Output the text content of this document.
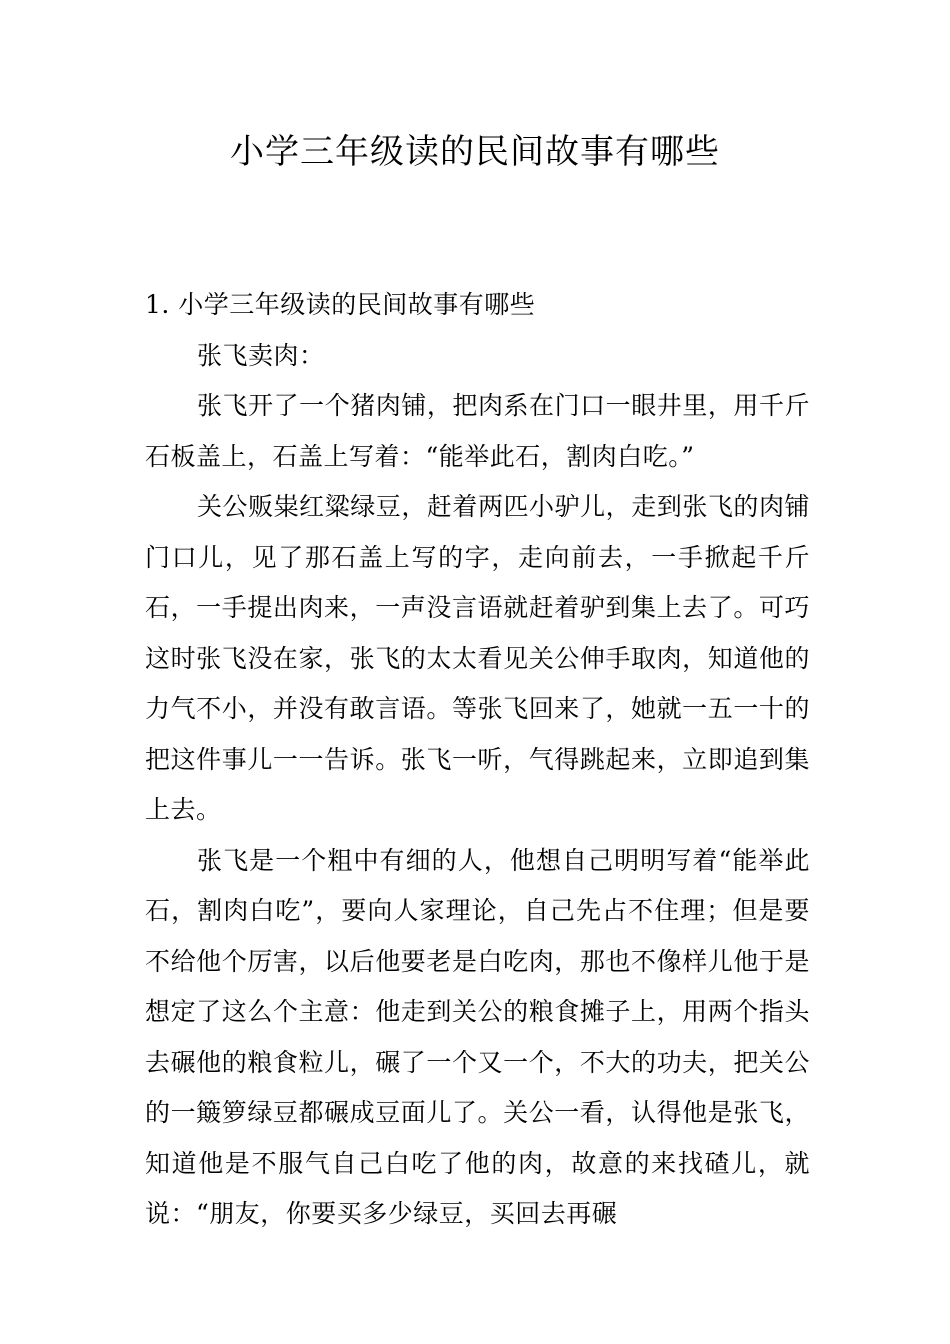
小学三年级读的民间故事有哪些

1. 小学三年级读的民间故事有哪些

张飞卖肉：

张飞开了一个猪肉铺，把肉系在门口一眼井里，用千斤石板盖上，石盖上写着：“能举此石，割肉白吃。”

关公贩粜红粱绿豆，赶着两匹小驴儿，走到张飞的肉铺门口儿，见了那石盖上写的字，走向前去，一手掀起千斤石，一手提出肉来，一声没言语就赶着驴到集上去了。可巧这时张飞没在家，张飞的太太看见关公伸手取肉，知道他的力气不小，并没有敢言语。等张飞回来了，她就一五一十的把这件事儿一一告诉。张飞一听，气得跳起来，立即追到集上去。

张飞是一个粗中有细的人，他想自己明明写着“能举此石，割肉白吃”，要向人家理论，自己先占不住理；但是要不给他个厉害，以后他要老是白吃肉，那也不像样儿他于是想定了这么个主意：他走到关公的粮食摊子上，用两个指头去碾他的粮食粒儿，碾了一个又一个，不大的功夫，把关公的一簸箩绿豆都碾成豆面儿了。关公一看，认得他是张飞，知道他是不服气自己白吃了他的肉，故意的来找碴儿，就说：“朋友，你要买多少绿豆，买回去再碾
